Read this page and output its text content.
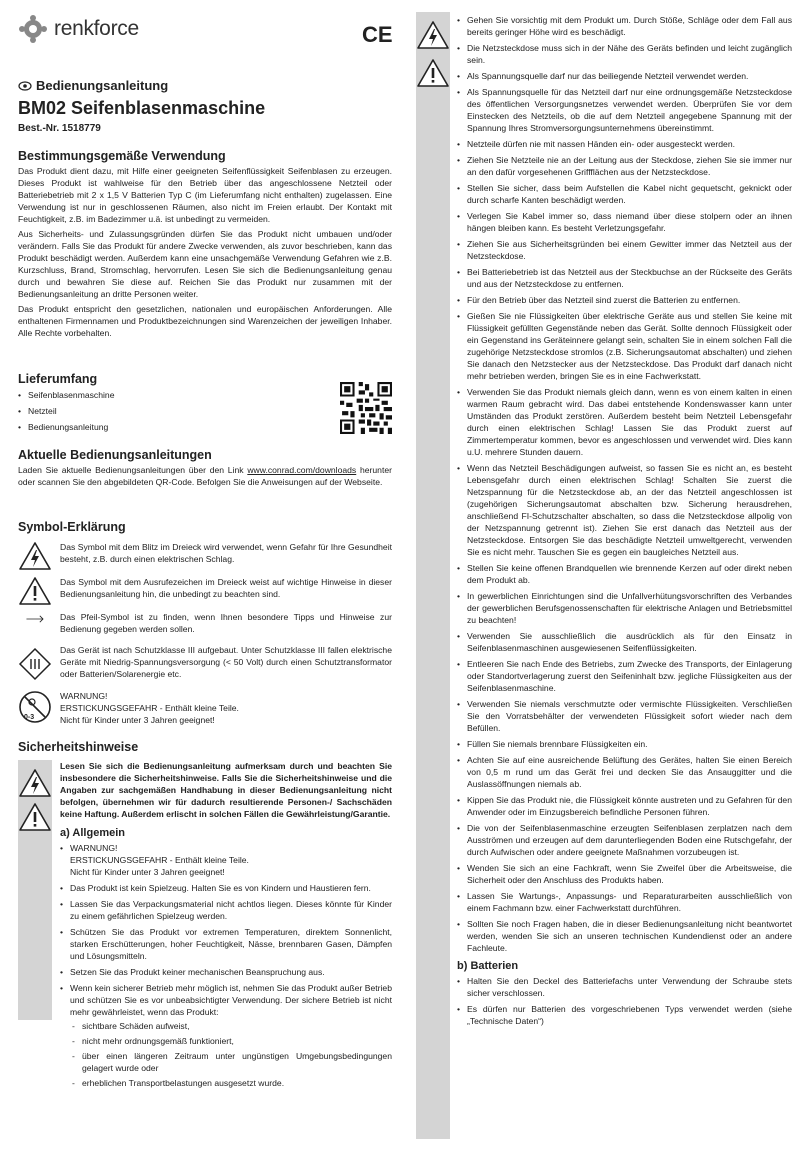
renkforce	CE
Bedienungsanleitung
BM02 Seifenblasenmaschine
Best.-Nr. 1518779
Bestimmungsgemäße Verwendung

Das Produkt dient dazu, mit Hilfe einer geeigneten Seifenflüssigkeit Seifenblasen zu erzeugen. Dieses Produkt ist wahlweise für den Betrieb über das angeschlossene Netzteil oder Batteriebetrieb mit 2 x 1,5 V Batterien Typ C (im Lieferumfang nicht enthalten) zugelassen. Eine Verwendung ist nur in geschlossenen Räumen, also nicht im Freien erlaubt. Der Kontakt mit Feuchtigkeit, z.B. im Badezimmer u.ä. ist unbedingt zu vermeiden.

Aus Sicherheits- und Zulassungsgründen dürfen Sie das Produkt nicht umbauen und/oder verändern. Falls Sie das Produkt für andere Zwecke verwenden, als zuvor beschrieben, kann das Produkt beschädigt werden. Außerdem kann eine unsachgemäße Verwendung Gefahren wie z.B. Kurzschluss, Brand, Stromschlag, hervorrufen. Lesen Sie sich die Bedienungsanleitung genau durch und bewahren Sie diese auf. Reichen Sie das Produkt nur zusammen mit der Bedienungsanleitung an dritte Personen weiter.

Das Produkt entspricht den gesetzlichen, nationalen und europäischen Anforderungen. Alle enthaltenen Firmennamen und Produktbezeichnungen sind Warenzeichen der jeweiligen Inhaber. Alle Rechte vorbehalten.

Lieferumfang
• Seifenblasenmaschine
• Netzteil
• Bedienungsanleitung
Aktuelle Bedienungsanleitungen

Laden Sie aktuelle Bedienungsanleitungen über den Link www.conrad.com/downloads herunter oder scannen Sie den abgebildeten QR-Code. Befolgen Sie die Anweisungen auf der Webseite.

Symbol-Erklärung

Das Symbol mit dem Blitz im Dreieck wird verwendet, wenn Gefahr für Ihre Gesundheit besteht, z.B. durch einen elektrischen Schlag.

Das Symbol mit dem Ausrufezeichen im Dreieck weist auf wichtige Hinweise in dieser Bedienungsanleitung hin, die unbedingt zu beachten sind.

Das Pfeil-Symbol ist zu finden, wenn Ihnen besondere Tipps und Hinweise zur Bedienung gegeben werden sollen.

Das Gerät ist nach Schutzklasse III aufgebaut. Unter Schutzklasse III fallen elektrische Geräte mit Niedrig-Spannungsversorgung (< 50 Volt) durch einen Schutztransformator oder Batterien/Solarenergie etc.

0-3

WARNUNG!
ERSTICKUNGSGEFAHR - Enthält kleine Teile.
Nicht für Kinder unter 3 Jahren geeignet!

Sicherheitshinweise

Lesen Sie sich die Bedienungsanleitung aufmerksam durch und beachten Sie insbesondere die Sicherheitshinweise. Falls Sie die Sicherheitshinweise und die Angaben zur sachgemäßen Handhabung in dieser Bedienungsanleitung nicht befolgen, übernehmen wir für dadurch resultierende Personen-/ Sachschäden keine Haftung. Außerdem erlischt in solchen Fällen die Gewährleistung/Garantie.

a) Allgemein
• WARNUNG!
ERSTICKUNGSGEFAHR - Enthält kleine Teile.
Nicht für Kinder unter 3 Jahren geeignet!
• Das Produkt ist kein Spielzeug. Halten Sie es von Kindern und Haustieren fern.
• Lassen Sie das Verpackungsmaterial nicht achtlos liegen. Dieses könnte für Kinder zu einem gefährlichen Spielzeug werden.
• Schützen Sie das Produkt vor extremen Temperaturen, direktem Sonnenlicht, starken Erschütterungen, hoher Feuchtigkeit, Nässe, brennbaren Gasen, Dämpfen und Lösungsmitteln.
• Setzen Sie das Produkt keiner mechanischen Beanspruchung aus.
• Wenn kein sicherer Betrieb mehr möglich ist, nehmen Sie das Produkt außer Betrieb und schützen Sie es vor unbeabsichtigter Verwendung. Der sichere Betrieb ist nicht mehr gewährleistet, wenn das Produkt:
- sichtbare Schäden aufweist,
- nicht mehr ordnungsgemäß funktioniert,
- über einen längeren Zeitraum unter ungünstigen Umgebungsbedingungen gelagert wurde oder
- erheblichen Transportbelastungen ausgesetzt wurde.
• Gehen Sie vorsichtig mit dem Produkt um. Durch Stöße, Schläge oder dem Fall aus bereits geringer Höhe wird es beschädigt.
• Die Netzsteckdose muss sich in der Nähe des Geräts befinden und leicht zugänglich sein.
• Als Spannungsquelle darf nur das beiliegende Netzteil verwendet werden.
• Als Spannungsquelle für das Netzteil darf nur eine ordnungsgemäße Netzsteckdose des öffentlichen Versorgungsnetzes verwendet werden. Überprüfen Sie vor dem Einstecken des Netzteils, ob die auf dem Netzteil angegebene Spannung mit der Spannung Ihres Stromversorgungsunternehmens übereinstimmt.
• Netzteile dürfen nie mit nassen Händen ein- oder ausgesteckt werden.
• Ziehen Sie Netzteile nie an der Leitung aus der Steckdose, ziehen Sie sie immer nur an den dafür vorgesehenen Griffflächen aus der Netzsteckdose.
• Stellen Sie sicher, dass beim Aufstellen die Kabel nicht gequetscht, geknickt oder durch scharfe Kanten beschädigt werden.
• Verlegen Sie Kabel immer so, dass niemand über diese stolpern oder an ihnen hängen bleiben kann. Es besteht Verletzungsgefahr.
• Ziehen Sie aus Sicherheitsgründen bei einem Gewitter immer das Netzteil aus der Netzsteckdose.
• Bei Batteriebetrieb ist das Netzteil aus der Steckbuchse an der Rückseite des Geräts und aus der Netzsteckdose zu entfernen.
• Für den Betrieb über das Netzteil sind zuerst die Batterien zu entfernen.
• Gießen Sie nie Flüssigkeiten über elektrische Geräte aus und stellen Sie keine mit Flüssigkeit gefüllten Gegenstände neben das Gerät. Sollte dennoch Flüssigkeit oder ein Gegenstand ins Geräteinnere gelangt sein, schalten Sie in einem solchen Fall die zugehörige Netzsteckdose stromlos (z.B. Sicherungsautomat abschalten) und ziehen Sie danach den Netzstecker aus der Netzsteckdose. Das Produkt darf danach nicht mehr betrieben werden, bringen Sie es in eine Fachwerkstatt.
• Verwenden Sie das Produkt niemals gleich dann, wenn es von einem kalten in einen warmen Raum gebracht wird. Das dabei entstehende Kondenswasser kann unter Umständen das Produkt zerstören. Außerdem besteht beim Netzteil Lebensgefahr durch einen elektrischen Schlag! Lassen Sie das Produkt zuerst auf Zimmertemperatur kommen, bevor es angeschlossen und verwendet wird. Dies kann u.U. mehrere Stunden dauern.
• Wenn das Netzteil Beschädigungen aufweist, so fassen Sie es nicht an, es besteht Lebensgefahr durch einen elektrischen Schlag! Schalten Sie zuerst die Netzspannung für die Netzsteckdose ab, an der das Netzteil angeschlossen ist (zugehörigen Sicherungsautomat abschalten bzw. Sicherung herausdrehen, anschließend FI-Schutzschalter abschalten, so dass die Netzsteckdose allpolig von der Netzspannung getrennt ist). Ziehen Sie erst danach das Netzteil aus der Netzsteckdose. Entsorgen Sie das beschädigte Netzteil umweltgerecht, verwenden Sie es nicht mehr. Tauschen Sie es gegen ein baugleiches Netzteil aus.
• Stellen Sie keine offenen Brandquellen wie brennende Kerzen auf oder direkt neben dem Produkt ab.
• In gewerblichen Einrichtungen sind die Unfallverhütungsvorschriften des Verbandes der gewerblichen Berufsgenossenschaften für elektrische Anlagen und Betriebsmittel zu beachten!
• Verwenden Sie ausschließlich die ausdrücklich als für den Einsatz in Seifenblasenmaschinen ausgewiesenen Seifenflüssigkeiten.
• Entleeren Sie nach Ende des Betriebs, zum Zwecke des Transports, der Einlagerung oder Standortverlagerung zuerst den Seifeninhalt bzw. jegliche Flüssigkeiten aus der Seifenblasenmaschine.
• Verwenden Sie niemals verschmutzte oder vermischte Flüssigkeiten. Verschließen Sie den Vorratsbehälter der verwendeten Flüssigkeit sofort wieder nach dem Befüllen.
• Füllen Sie niemals brennbare Flüssigkeiten ein.
• Achten Sie auf eine ausreichende Belüftung des Gerätes, halten Sie einen Bereich von 0,5 m rund um das Gerät frei und decken Sie das Ansauggitter und die Auslassöffnungen niemals ab.
• Kippen Sie das Produkt nie, die Flüssigkeit könnte austreten und zu Gefahren für den Anwender oder im Einzugsbereich befindliche Personen führen.
• Die von der Seifenblasenmaschine erzeugten Seifenblasen zerplatzen nach dem Ausströmen und erzeugen auf dem darunterliegenden Boden eine Rutschgefahr, der durch Aufwischen oder andere geeignete Maßnahmen vorzubeugen ist.
• Wenden Sie sich an eine Fachkraft, wenn Sie Zweifel über die Arbeitsweise, die Sicherheit oder den Anschluss des Produkts haben.
• Lassen Sie Wartungs-, Anpassungs- und Reparaturarbeiten ausschließlich von einem Fachmann bzw. einer Fachwerkstatt durchführen.
• Sollten Sie noch Fragen haben, die in dieser Bedienungsanleitung nicht beantwortet werden, wenden Sie sich an unseren technischen Kundendienst oder an andere Fachleute.
b) Batterien
• Halten Sie den Deckel des Batteriefachs unter Verwendung der Schraube stets sicher verschlossen.
• Es dürfen nur Batterien des vorgeschriebenen Typs verwendet werden (siehe „Technische Daten“)
